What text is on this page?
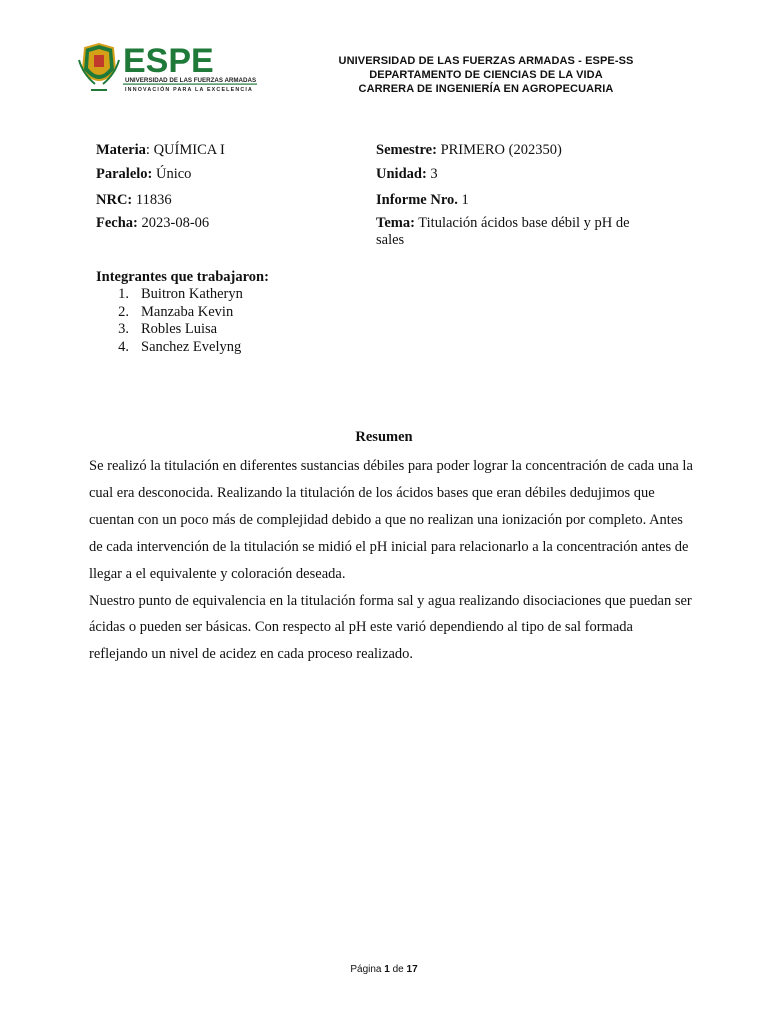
ESPE
UNIVERSIDAD DE LAS FUERZAS ARMADAS
INNOVACIÓN PARA LA EXCELENCIA
UNIVERSIDAD DE LAS FUERZAS ARMADAS - ESPE-SS
DEPARTAMENTO DE CIENCIAS DE LA VIDA
CARRERA DE INGENIERÍA EN AGROPECUARIA
Materia: QUÍMICA I
Paralelo: Único
NRC: 11836
Fecha: 2023-08-06
Semestre: PRIMERO (202350)
Unidad: 3
Informe Nro. 1
Tema: Titulación ácidos base débil y pH de sales
Integrantes que trabajaron:
1. Buitron Katheryn
2. Manzaba Kevin
3. Robles Luisa
4. Sanchez Evelyng
Resumen

Se realizó la titulación en diferentes sustancias débiles para poder lograr la concentración de cada una la cual era desconocida. Realizando la titulación de los ácidos bases que eran débiles dedujimos que cuentan con un poco más de complejidad debido a que no realizan una ionización por completo. Antes de cada intervención de la titulación se midió el pH inicial para relacionarlo a la concentración antes de llegar a el equivalente y coloración deseada.

Nuestro punto de equivalencia en la titulación forma sal y agua realizando disociaciones que puedan ser ácidas o pueden ser básicas. Con respecto al pH este varió dependiendo al tipo de sal formada reflejando un nivel de acidez en cada proceso realizado.

Página 1 de 17
